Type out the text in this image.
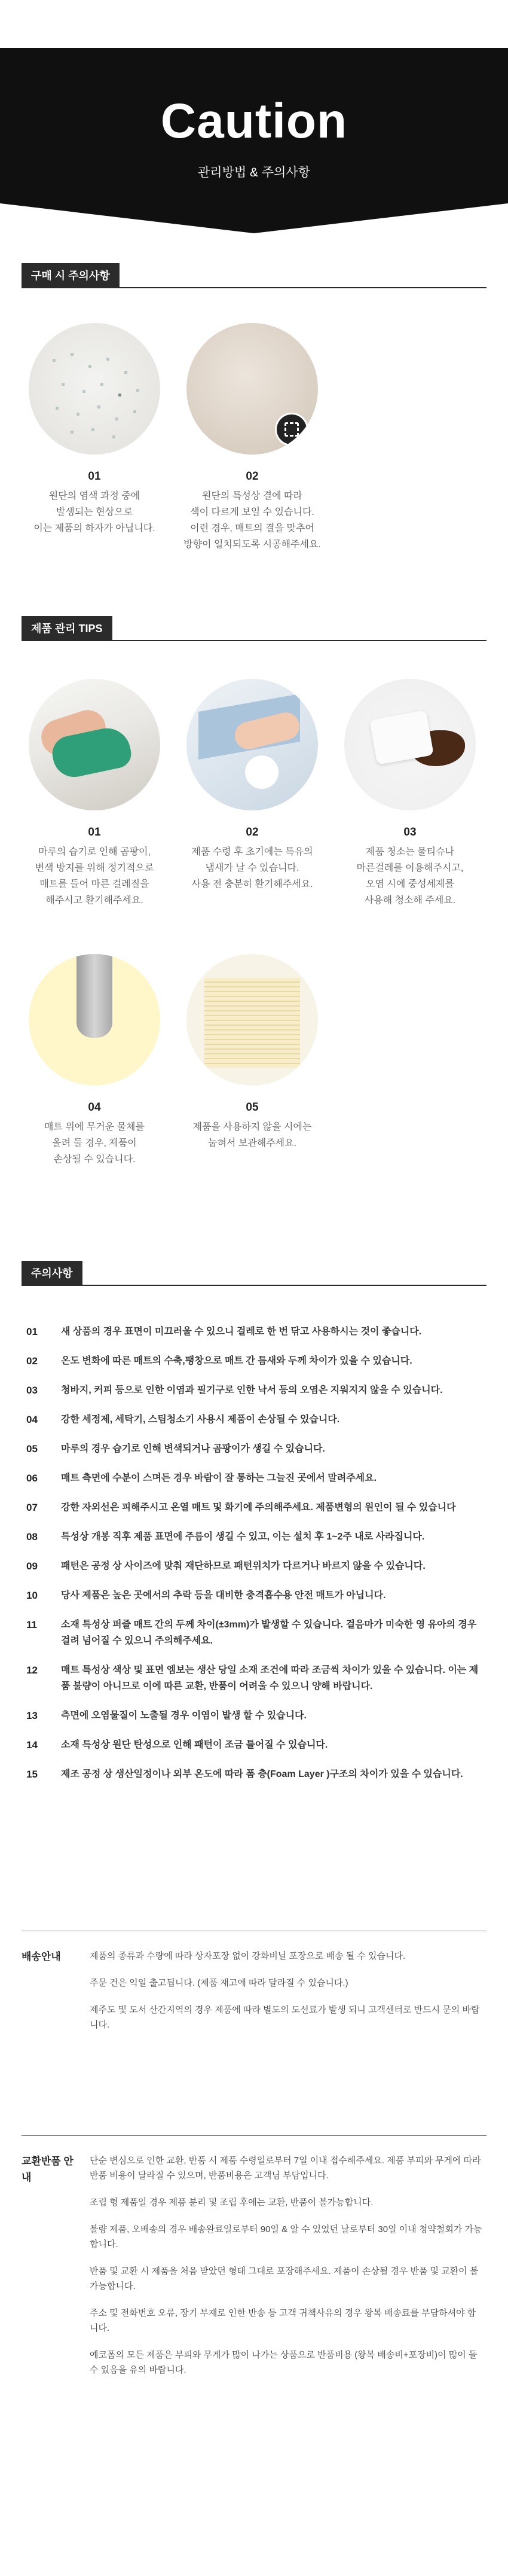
Caution
관리방법 & 주의사항
구매 시 주의사항
01
원단의 염색 과정 중에
발생되는 현상으로
이는 제품의 하자가 아닙니다.
02
원단의 특성상 결에 따라
색이 다르게 보일 수 있습니다.
이런 경우, 매트의 결을 맞추어
방향이 일치되도록 시공해주세요.
제품 관리 TIPS
01
마루의 습기로 인해 곰팡이,
변색 방지를 위해 정기적으로
매트를 들어 마른 걸레질을
해주시고 환기해주세요.
02
제품 수령 후 초기에는 특유의
냄새가 날 수 있습니다.
사용 전 충분히 환기해주세요.
03
제품 청소는 물티슈나
마른걸레를 이용해주시고,
오염 시에 중성세제를
사용해 청소해 주세요.
04
매트 위에 무거운 물체를
올려 둘 경우, 제품이
손상될 수 있습니다.
05
제품을 사용하지 않을 시에는
눕혀서 보관해주세요.
주의사항
01	새 상품의 경우 표면이 미끄러울 수 있으니 걸레로 한 번 닦고 사용하시는 것이 좋습니다.
02	온도 변화에 따른 매트의 수축,팽창으로 매트 간 틈새와 두께 차이가 있을 수 있습니다.
03	청바지, 커피 등으로 인한 이염과 필기구로 인한 낙서 등의 오염은 지워지지 않을 수 있습니다.
04	강한 세정제, 세탁기, 스팀청소기 사용시 제품이 손상될 수 있습니다.
05	마루의 경우 습기로 인해 변색되거나 곰팡이가 생길 수 있습니다.
06	매트 측면에 수분이 스며든 경우 바람이 잘 통하는 그늘진 곳에서 말려주세요.
07	강한 자외선은 피해주시고 온열 매트 및 화기에 주의해주세요. 제품변형의 원인이 될 수 있습니다
08	특성상 개봉 직후 제품 표면에 주름이 생길 수 있고, 이는 설치 후 1~2주 내로 사라집니다.
09	패턴은 공정 상 사이즈에 맞춰 재단하므로 패턴위치가 다르거나 바르지 않을 수 있습니다.
10	당사 제품은 높은 곳에서의 추락 등을 대비한 충격흡수용 안전 매트가 아닙니다.
11	소재 특성상 퍼즐 매트 간의 두께 차이(±3mm)가 발생할 수 있습니다. 걸음마가 미숙한 영 유아의 경우 걸려 넘어질 수 있으니 주의해주세요.
12	매트 특성상 색상 및 표면 엠보는 생산 당일 소재 조건에 따라 조금씩 차이가 있을 수 있습니다. 이는 제품 불량이 아니므로 이에 따른 교환, 반품이 어려울 수 있으니 양해 바랍니다.
13	측면에 오염물질이 노출될 경우 이염이 발생 할 수 있습니다.
14	소재 특성상 원단 탄성으로 인해 패턴이 조금 틀어질 수 있습니다.
15	제조 공정 상 생산일정이나 외부 온도에 따라 폼 층(Foam Layer )구조의 차이가 있을 수 있습니다.
배송안내	제품의 종류과 수량에 따라 상자포장 없이 강화비닐 포장으로 배송 될 수 있습니다.

주문 건은 익일 출고됩니다. (제품 재고에 따라 달라질 수 있습니다.)

제주도 및 도서 산간지역의 경우 제품에 따라 별도의 도선료가 발생 되니 고객센터로 반드시 문의 바랍니다.

교환반품 안내

단순 변심으로 인한 교환, 반품 시 제품 수령일로부터 7일 이내 접수해주세요. 제품 부피와 무게에 따라 반품 비용이 달라질 수 있으며, 반품비용은 고객님 부담입니다.

조립 형 제품일 경우 제품 분리 및 조립 후에는 교환, 반품이 불가능합니다.

불량 제품, 오배송의 경우 배송완료일로부터 90일 & 알 수 있었던 날로부터 30일 이내 청약철회가 가능합니다.

반품 및 교환 시 제품을 처음 받았던 형태 그대로 포장해주세요. 제품이 손상될 경우 반품 및 교환이 불가능합니다.

주소 및 전화번호 오류, 장기 부재로 인한 반송 등 고객 귀책사유의 경우 왕복 배송료를 부담하셔야 합니다.

예코폼의 모든 제품은 부피와 무게가 많이 나가는 상품으로 반품비용 (왕복 배송비+포장비)이 많이 들 수 있음을 유의 바랍니다.
